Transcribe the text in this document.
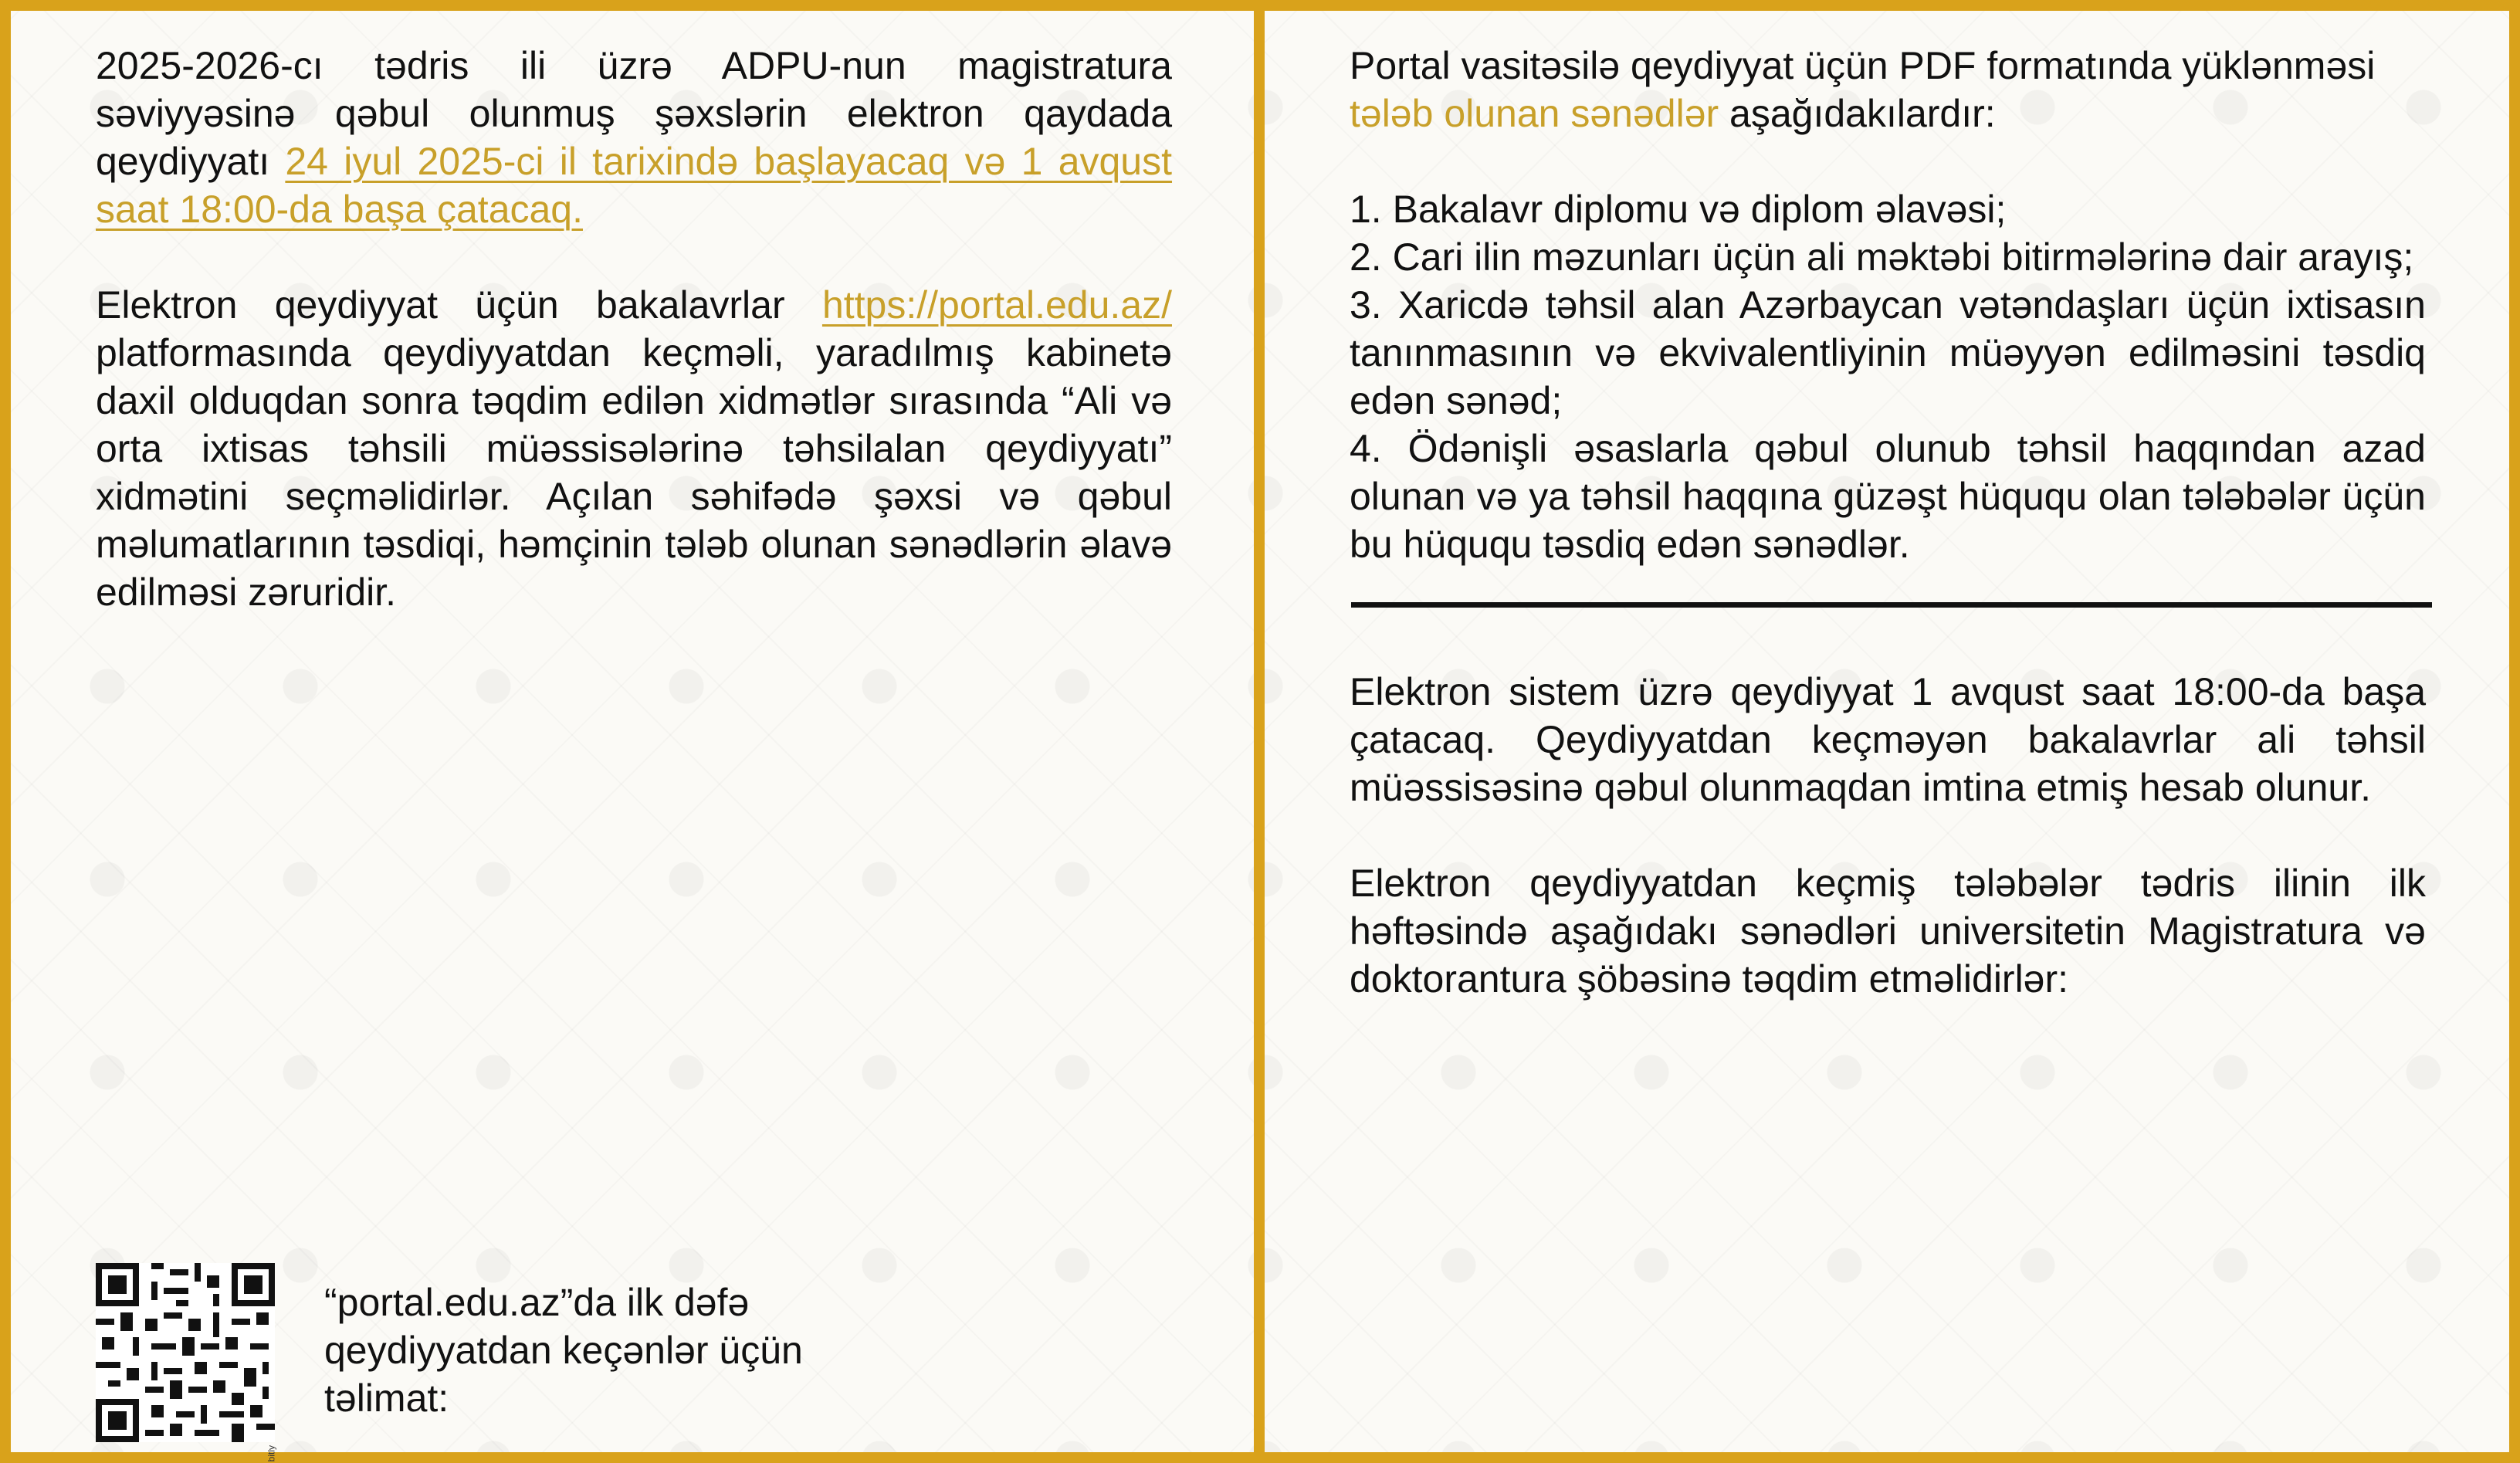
2025-2026-cı tədris ili üzrə ADPU-nun magistratura səviyyəsinə qəbul olunmuş şəxslərin elektron qaydada qeydiyyatı 24 iyul 2025-ci il tarixində başlayacaq və 1 avqust saat 18:00-da başa çatacaq.

Elektron qeydiyyat üçün bakalavrlar https://portal.edu.az/ platformasında qeydiyyatdan keçməli, yaradılmış kabinetə daxil olduqdan sonra təqdim edilən xidmətlər sırasında “Ali və orta ixtisas təhsili müəssisələrinə təhsilalan qeydiyyatı” xidmətini seçməlidirlər. Açılan səhifədə şəxsi və qəbul məlumatlarının təsdiqi, həmçinin tələb olunan sənədlərin əlavə edilməsi zəruridir.

bitly

“portal.edu.az”da ilk dəfə qeydiyyatdan keçənlər üçün təlimat:

Portal vasitəsilə qeydiyyat üçün PDF formatında yüklənməsi tələb olunan sənədlər aşağıdakılardır:

1. Bakalavr diplomu və diplom əlavəsi;

2. Cari ilin məzunları üçün ali məktəbi bitirmələrinə dair arayış;

3. Xaricdə təhsil alan Azərbaycan vətəndaşları üçün ixtisasın tanınmasının və ekvivalentliyinin müəyyən edilməsini təsdiq edən sənəd;

4. Ödənişli əsaslarla qəbul olunub təhsil haqqından azad olunan və ya təhsil haqqına güzəşt hüququ olan tələbələr üçün bu hüququ təsdiq edən sənədlər.

Elektron sistem üzrə qeydiyyat 1 avqust saat 18:00-da başa çatacaq. Qeydiyyatdan keçməyən bakalavrlar ali təhsil müəssisəsinə qəbul olunmaqdan imtina etmiş hesab olunur.

Elektron qeydiyyatdan keçmiş tələbələr tədris ilinin ilk həftəsində aşağıdakı sənədləri universitetin Magistratura və doktorantura şöbəsinə təqdim etməlidirlər:
